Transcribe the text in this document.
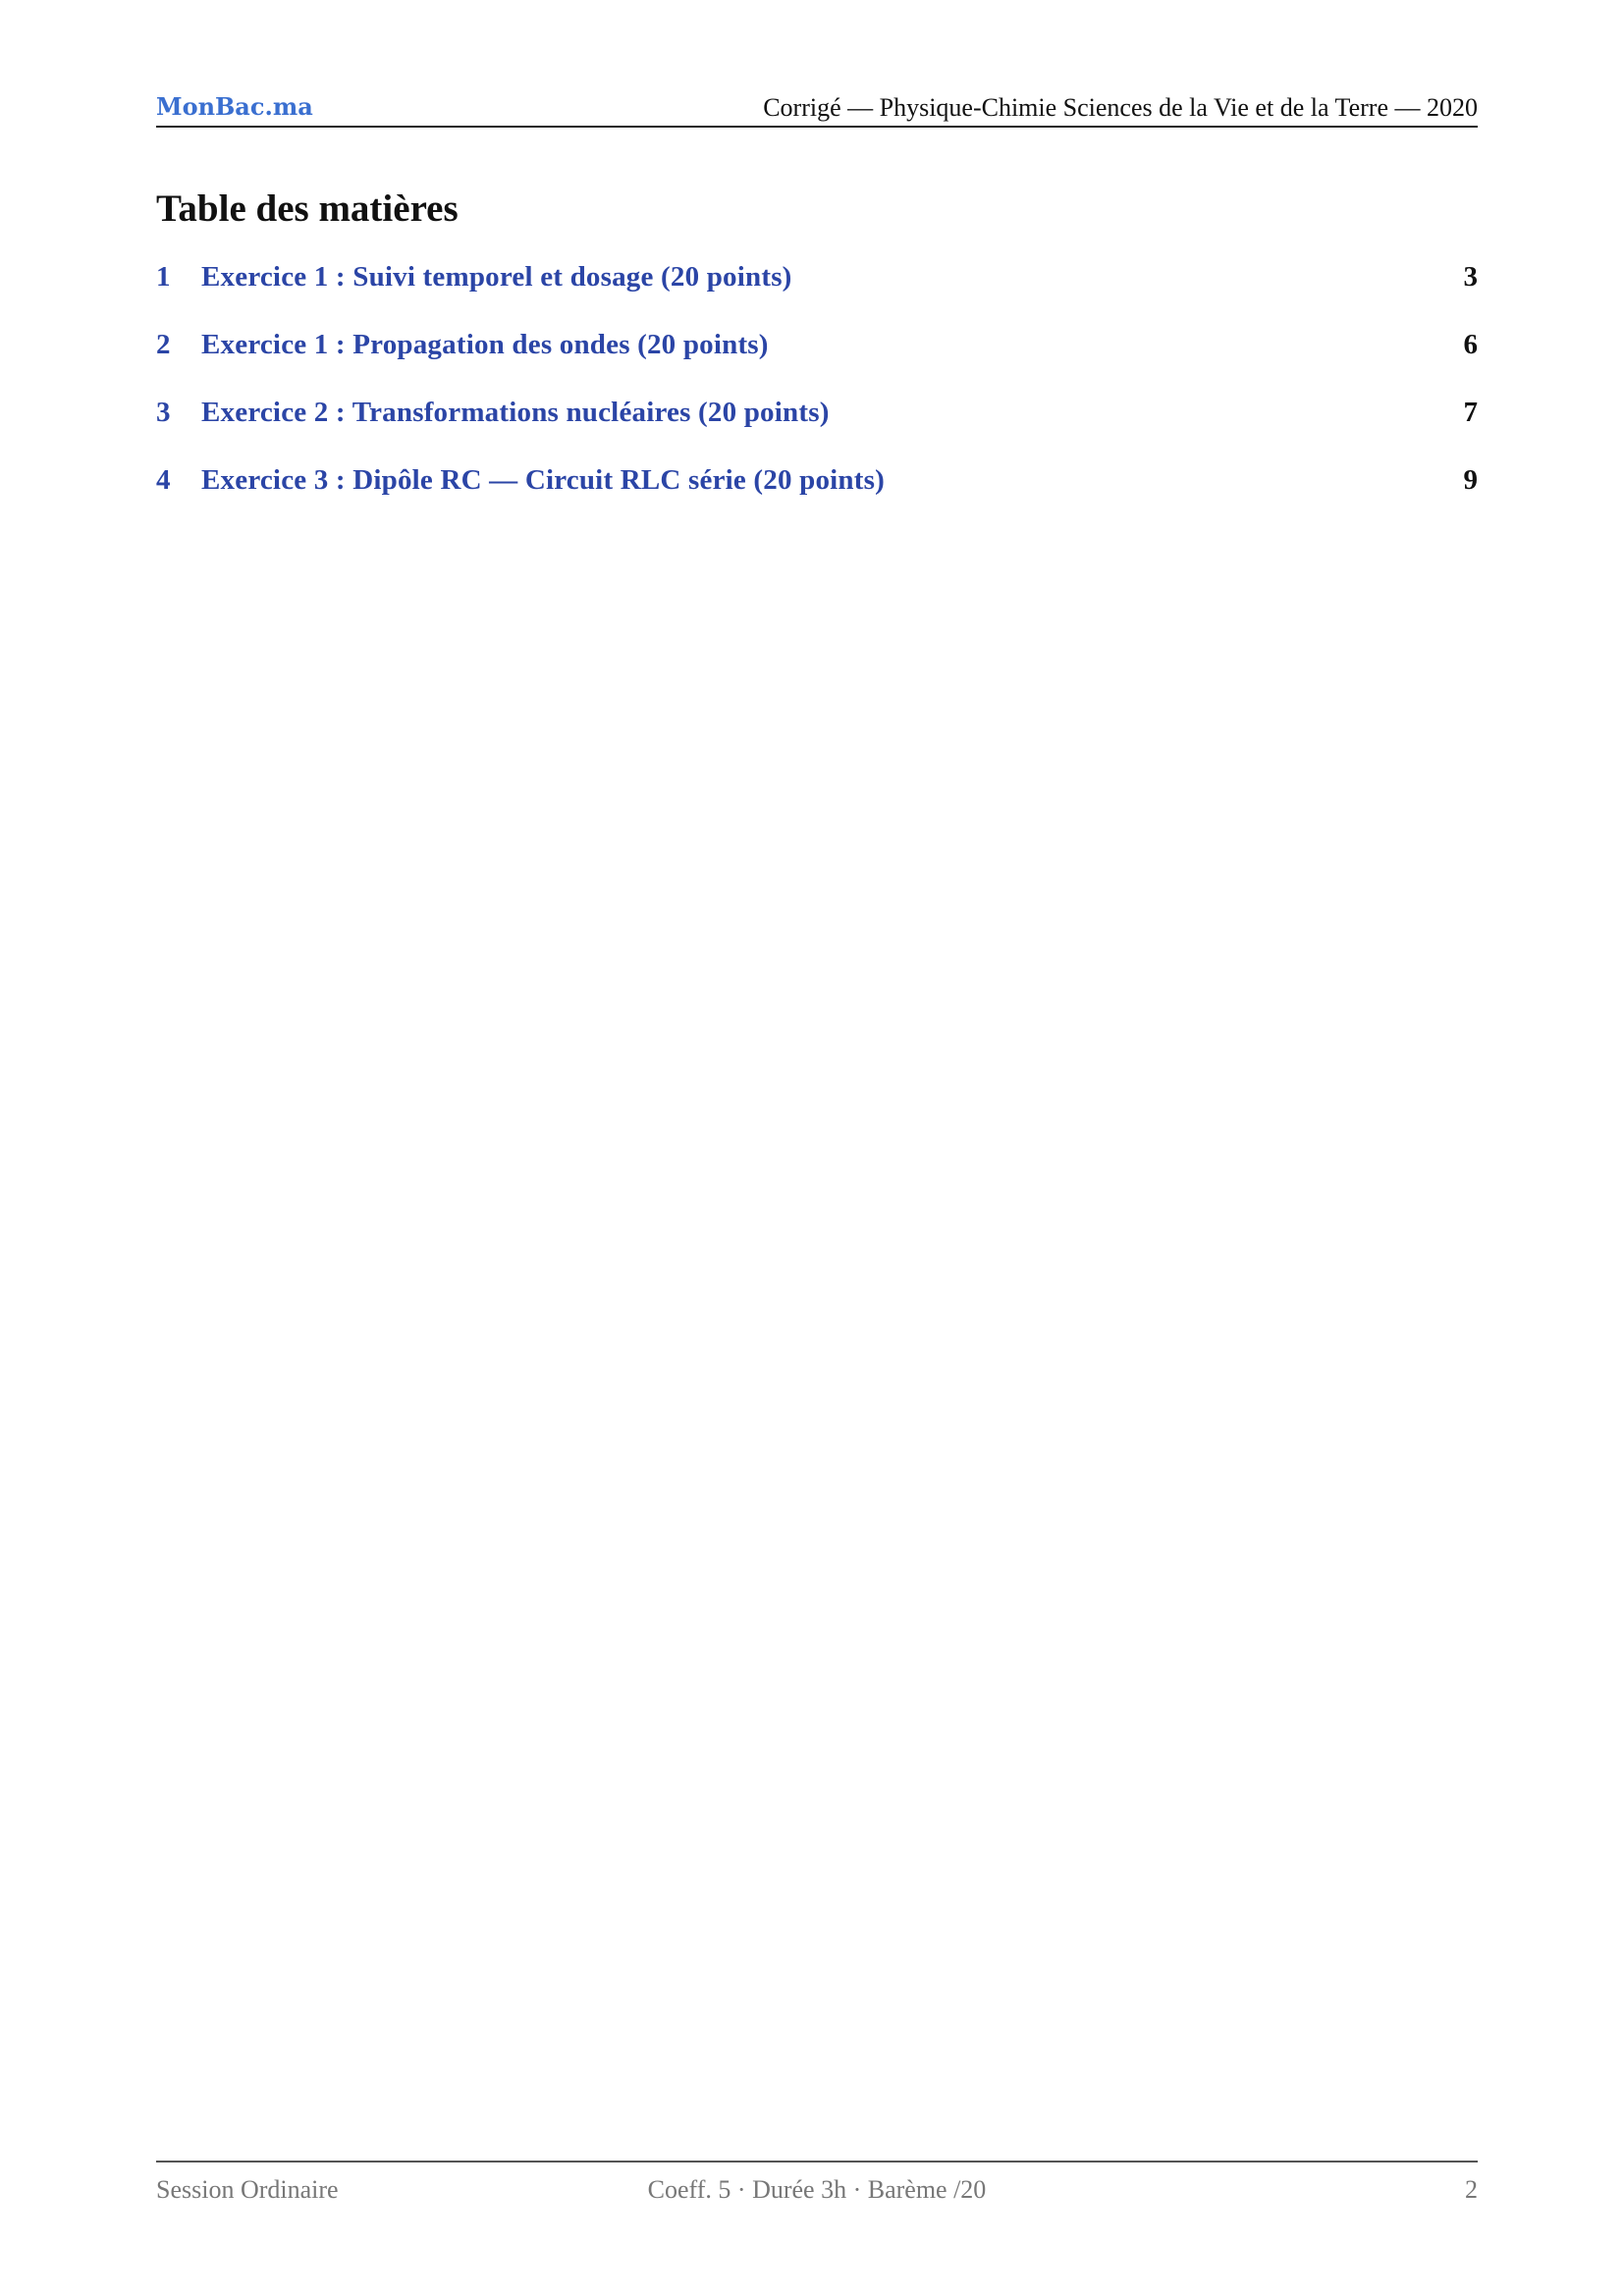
MonBac.ma	Corrigé — Physique-Chimie Sciences de la Vie et de la Terre — 2020
Table des matières
1 Exercice 1 : Suivi temporel et dosage (20 points)	3
2 Exercice 1 : Propagation des ondes (20 points)	6
3 Exercice 2 : Transformations nucléaires (20 points)	7
4 Exercice 3 : Dipôle RC — Circuit RLC série (20 points)	9
Session Ordinaire	Coeff. 5 · Durée 3h · Barème /20	2
